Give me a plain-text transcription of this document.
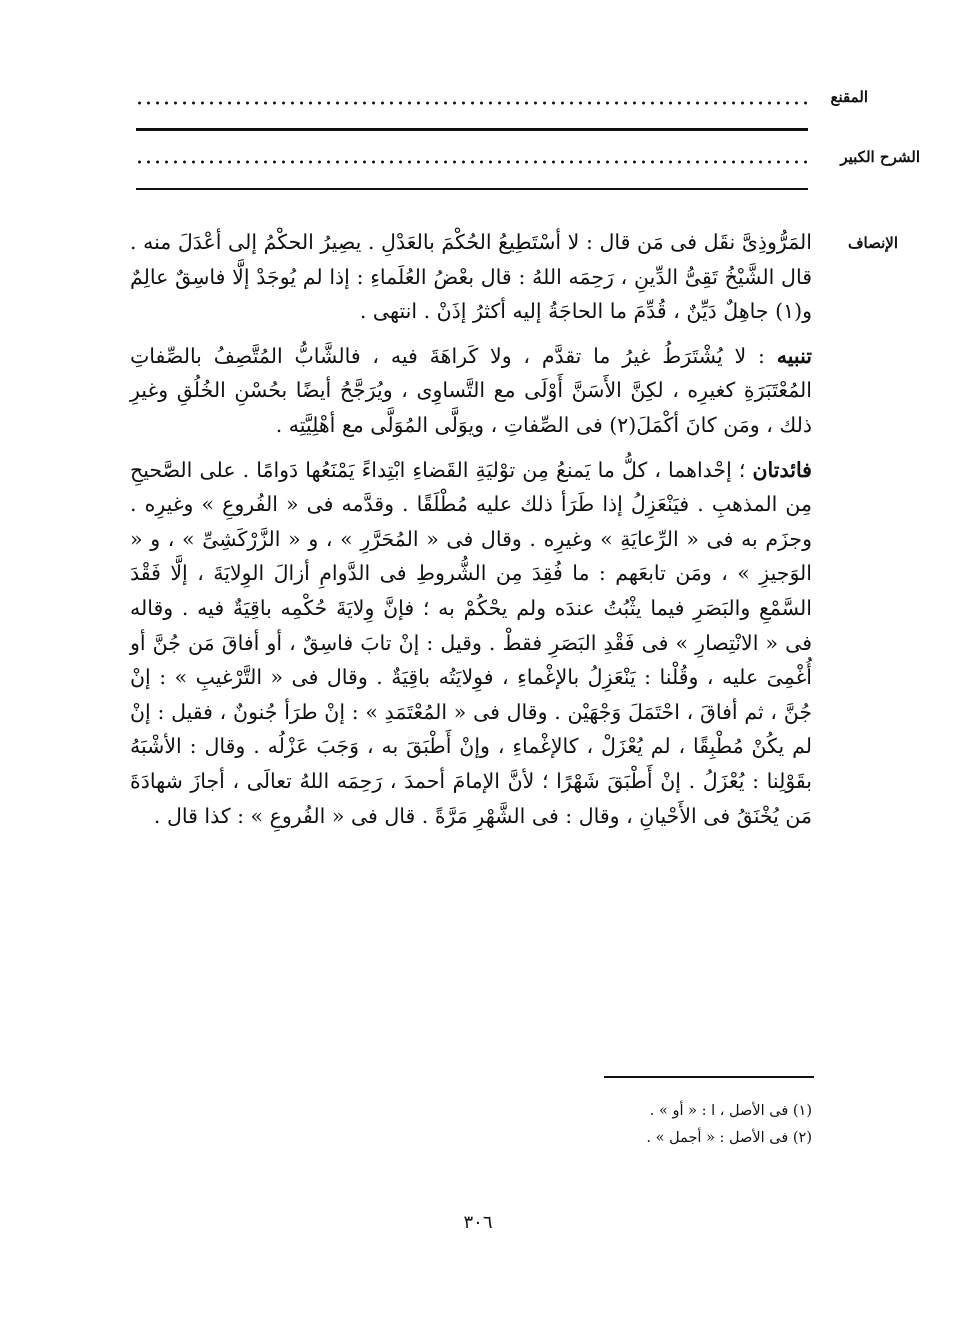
المقنع
الشرح الكبير
الإنصاف

المَرُّوذِىَّ نقَل فى مَن قال : لا أسْتَطِيعُ الحُكْمَ بالعَدْلِ . يصِيرُ الحكْمُ إلى أعْدَلَ منه . قال الشَّيْخُ تَقِىُّ الدِّينِ ، رَحِمَه اللهُ : قال بعْضُ العُلَماءِ : إذا لم يُوجَدْ إلَّا فاسِقٌ عالِمٌ و(١) جاهِلٌ دَيِّنٌ ، قُدِّمَ ما الحاجَةُ إليه أكثرُ إذَنْ . انتهى .

تنبيه : لا يُشْتَرَطُ غيرُ ما تقدَّم ، ولا كَراهَةَ فيه ، فالشَّابُّ المُتَّصِفُ بالصِّفاتِ المُعْتَبَرَةِ كغيرِه ، لكِنَّ الأَسَنَّ أَوْلَى مع التَّساوِى ، ويُرَجَّحُ أيضًا بحُسْنِ الخُلُقِ وغيرِ ذلك ، ومَن كانَ أكْمَلَ(٢) فى الصِّفاتِ ، ويوَلَّى المُوَلَّى مع أهْلِيَّتِه .

فائدتان ؛ إحْداهما ، كلُّ ما يَمنعُ مِن توْليَةِ القَضاءِ ابْتِداءً يَمْنَعُها دَوامًا . على الصَّحيحِ مِن المذهبِ . فيَنْعَزِلُ إذا طَرَأ ذلك عليه مُطْلَقًا . وقدَّمه فى « الفُروعِ » وغيرِه . وجزَم به فى « الرِّعايَةِ » وغيرِه . وقال فى « المُحَرَّرِ » ، و « الزَّرْكَشِىِّ » ، و « الوَجيزِ » ، ومَن تابعَهم : ما فُقِدَ مِن الشُّروطِ فى الدَّوامِ أزالَ الوِلايَةَ ، إلَّا فَقْدَ السَّمْعِ والبَصَرِ فيما يثْبُتُ عندَه ولم يحْكُمْ به ؛ فإنَّ وِلايَةَ حُكْمِه باقِيَةٌ فيه . وقاله فى « الانْتِصارِ » فى فَقْدِ البَصَرِ فقطْ . وقيل : إنْ تابَ فاسِقٌ ، أو أفاقَ مَن جُنَّ أو أُغْمِىَ عليه ، وقُلْنا : يَنْعَزِلُ بالإغْماءِ ، فوِلايَتُه باقِيَةٌ . وقال فى « التَّرْغيبِ » : إنْ جُنَّ ، ثم أفاقَ ، احْتَمَلَ وَجْهَيْن . وقال فى « المُعْتَمَدِ » : إنْ طرَأ جُنونٌ ، فقيل : إنْ لم يكُنْ مُطْبِقًا ، لم يُعْزَلْ ، كالإغْماءِ ، وإنْ أَطْبَقَ به ، وَجَبَ عَزْلُه . وقال : الأشْبَهُ بقَوْلِنا : يُعْزَلُ . إنْ أَطْبَقَ شَهْرًا ؛ لأنَّ الإمامَ أحمدَ ، رَحِمَه اللهُ تعالَى ، أجازَ شهادَةَ مَن يُخْنَقُ فى الأَحْيانِ ، وقال : فى الشَّهْرِ مَرَّةً . قال فى « الفُروعِ » : كذا قال .

(١) فى الأصل ، ا : « أو » .

(٢) فى الأصل : « أجمل » .

٣٠٦
